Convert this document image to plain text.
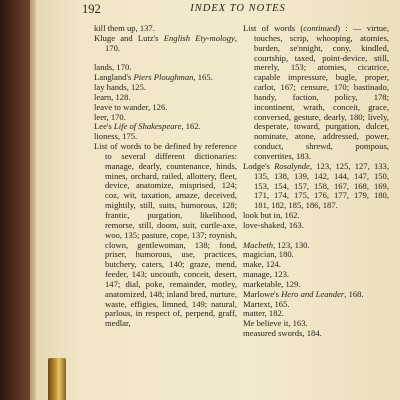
192	INDEX TO NOTES

kill them up, 137.

Kluge and Lutz's English Ety-mology, 170.

lands, 170.

Langland's Piers Ploughman, 165.

lay hands, 125.

learn, 128.

leave to wander, 126.

leer, 170.

Lee's Life of Shakespeare, 162.

lioness, 175.

List of words to be defined by reference to several different dictionaries: manage, dearly, countenance, hinds, mines, orchard, railed, allottery, fleet, device, anatomize, misprised, 124; coz, wit, taxation, amaze, deceived, mightily, still, suits, humorous, 128; frantic, purgation, likelihood, remorse, still, doom, suit, curtle-axe, woo, 135; pasture, cope, 137; roynish, clown, gentlewoman, 138; fond, priser, humorous, use, practices, butchery, caters, 140; graze, mend, feeder, 143; uncouth, conceit, desert, 147; dial, poke, remainder, motley, anatomized, 148; inland bred, nurture, waste, effigies, limned, 149; natural, parlous, in respect of, perpend, graff, medlar,

List of words (continued) : — virtue, touches, scrip, whooping, atomies, burden, se'nnight, cony, kindled, courtship, taxed, point-device, still, merely, 153; atomies, cicatrice, capable impressure, bugle, proper, carlot, 167; censure, 170; bastinado, bandy, faction, policy, 178; incontinent, wrath, conceit, grace, conversed, gesture, dearly, 180; lively, desperate, toward, purgation, dulcet, nominate, atone, addressed, power, conduct, shrewd, pompous, convertites, 183.

Lodge's Rosalynde, 123, 125, 127, 133, 135, 138, 139, 142, 144, 147, 150, 153, 154, 157, 158, 167, 168, 169, 171, 174, 175, 176, 177, 179, 180, 181, 182, 185, 186, 187.

look but in, 162.

love-shaked, 163.

Macbeth, 123, 130.

magician, 180.

make, 124.

manage, 123.

marketable, 129.

Marlowe's Hero and Leander, 168.

Martext, 165.

matter, 182.

Me believe it, 163.

measured swords, 184.
